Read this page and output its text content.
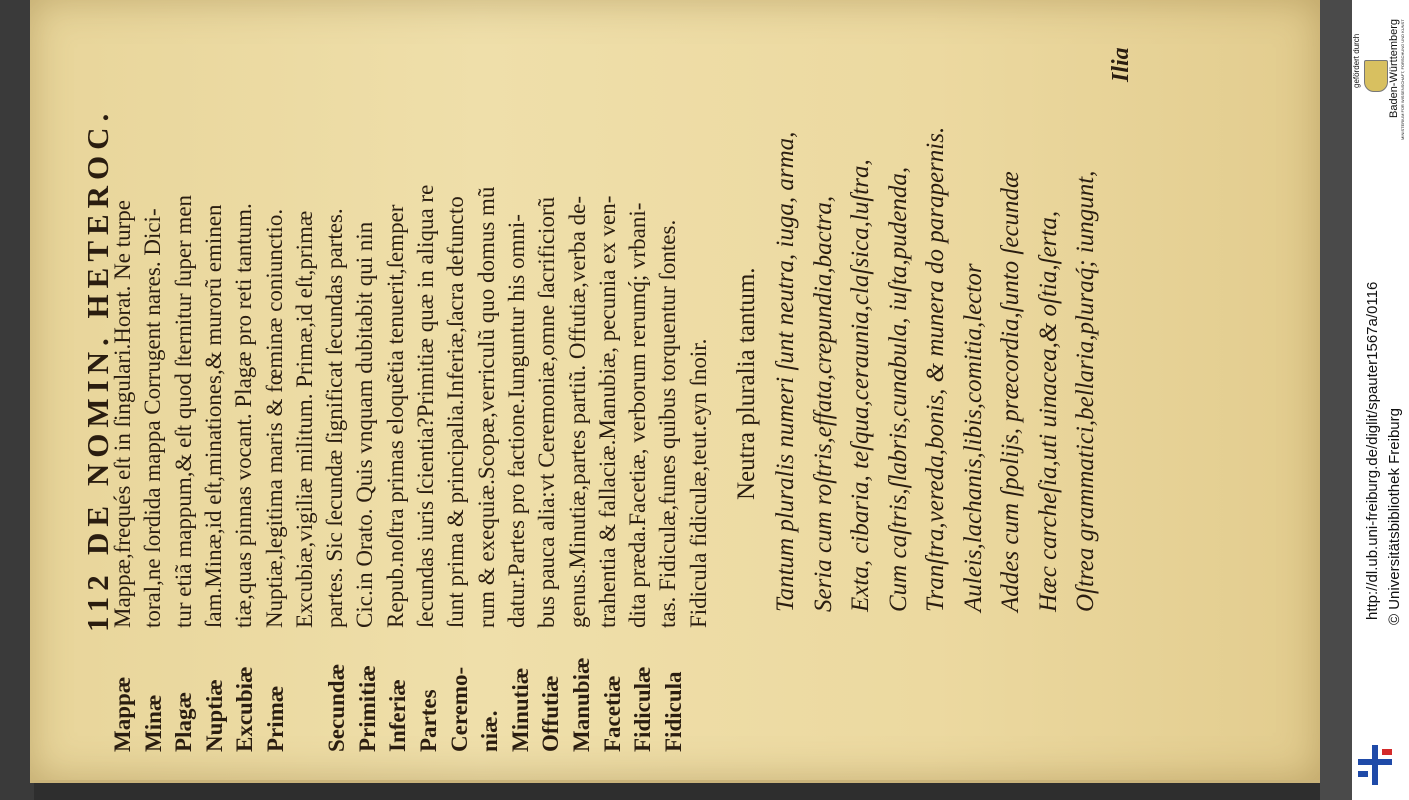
112
DE NOMIN. HETEROC.
Mappæ Minæ Plagæ Nuptiæ Excubiæ Primæ Secundæ Primitiæ Inferiæ Partes Ceremo- niæ. Minutiæ Offutiæ Manubiæ Facetiæ Fidiculæ Fidicula
Mappæ,frequés eſt in ſingulari.Horat. Ne turpe toral,ne ſordida mappa Corrugent nares. Dici- tur etiã mappum,& eſt quod ſternitur ſuper men ſam.Minæ,id eſt,minationes,& murorũ eminen tiæ,quas pinnas vocant. Plagæ pro reti tantum. Nuptiæ,legitima maris & fœminæ coniunctio. Excubiæ,vigiliæ militum. Primæ,id eſt,primæ partes. Sic ſecundæ ſignificat ſecundas partes. Cic.in Orato. Quis vnquam dubitabit qui nin Repub.noſtra primas eloquẽtia tenuerit,ſemper ſecundas iuris ſcientia?Primitiæ quæ in aliqua re ſunt prima & principalia.Inferiæ,ſacra defuncto rum & exequiæ.Scopæ,verriculũ quo domus mũ datur.Partes pro factione.Iunguntur his omni- bus pauca alia:vt Ceremoniæ,omne ſacrificiorũ genus.Minutiæ,partes partiũ. Offutiæ,verba de- trahentia & fallaciæ.Manubiæ, pecunia ex ven- dita præda.Facetiæ, verborum rerumq́; vrbani- tas. Fidiculæ,funes quibus torquentur ſontes. Fidicula fidiculæ,teut.eyn ſnoir. Neutra pluralia tantum. Tantum pluralis numeri ſunt neutra, iuga, arma, Seria cum roſtris,effata,crepundia,bactra, Exta, cibaria, teſqua,ceraunia,claſsica,luſtra, Cum caſtris,ſlabris,cunabula, iuſta,pudenda, Tranſtra,vereda,bonis, & munera do parapernis. Auleis,lachanis,libis,comitia,lector Addes cum ſpolijs, præcordia,ſunto ſecundæ Hæc carcheſia,uti uinacea,& oſtia,ſerta, Oſtrea grammatici,bellaria,pluraq́; iungunt,
Ilia
http://dl.ub.uni-freiburg.de/diglit/spauter1567a/0116 © Universitätsbibliothek Freiburg
gefördert durch Baden-Württemberg MINISTERIUM FÜR WISSENSCHAFT, FORSCHUNG UND KUNST
